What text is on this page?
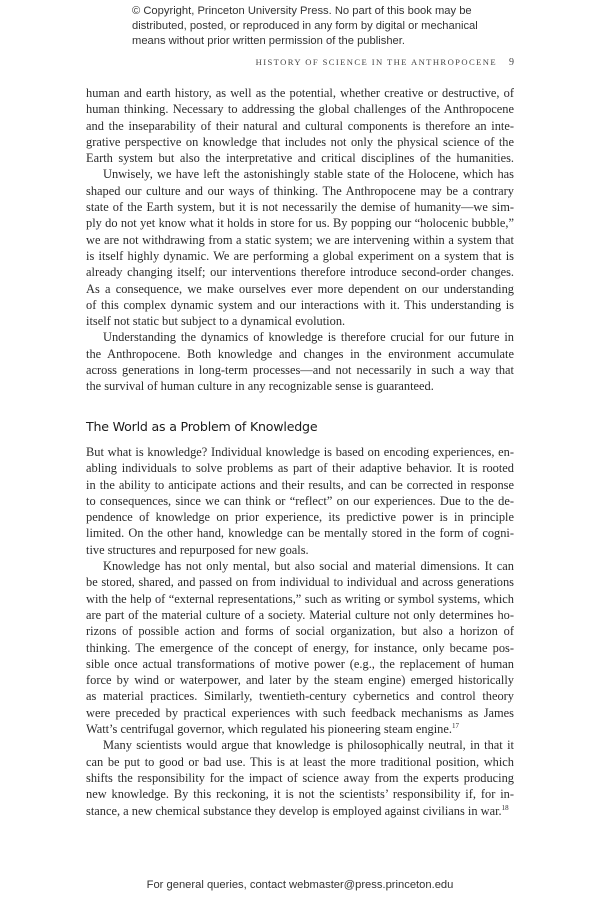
© Copyright, Princeton University Press. No part of this book may be
distributed, posted, or reproduced in any form by digital or mechanical
means without prior written permission of the publisher.
HISTORY OF SCIENCE IN THE ANTHROPOCENE 9
human and earth history, as well as the potential, whether creative or destructive, of
human thinking. Necessary to addressing the global challenges of the Anthropocene
and the inseparability of their natural and cultural components is therefore an inte-
grative perspective on knowledge that includes not only the physical science of the
Earth system but also the interpretative and critical disciplines of the humanities.
Unwisely, we have left the astonishingly stable state of the Holocene, which has
shaped our culture and our ways of thinking. The Anthropocene may be a contrary
state of the Earth system, but it is not necessarily the demise of humanity—we sim-
ply do not yet know what it holds in store for us. By popping our “holocenic bubble,”
we are not withdrawing from a static system; we are intervening within a system that
is itself highly dynamic. We are performing a global experiment on a system that is
already changing itself; our interventions therefore introduce second-order changes.
As a consequence, we make ourselves ever more dependent on our understanding
of this complex dynamic system and our interactions with it. This understanding is
itself not static but subject to a dynamical evolution.
Understanding the dynamics of knowledge is therefore crucial for our future in
the Anthropocene. Both knowledge and changes in the environment accumulate
across generations in long-term processes—and not necessarily in such a way that
the survival of human culture in any recognizable sense is guaranteed.
The World as a Problem of Knowledge
But what is knowledge? Individual knowledge is based on encoding experiences, en-
abling individuals to solve problems as part of their adaptive behavior. It is rooted
in the ability to anticipate actions and their results, and can be corrected in response
to consequences, since we can think or “reflect” on our experiences. Due to the de-
pendence of knowledge on prior experience, its predictive power is in principle
limited. On the other hand, knowledge can be mentally stored in the form of cogni-
tive structures and repurposed for new goals.
Knowledge has not only mental, but also social and material dimensions. It can
be stored, shared, and passed on from individual to individual and across generations
with the help of “external representations,” such as writing or symbol systems, which
are part of the material culture of a society. Material culture not only determines ho-
rizons of possible action and forms of social organization, but also a horizon of
thinking. The emergence of the concept of energy, for instance, only became pos-
sible once actual transformations of motive power (e.g., the replacement of human
force by wind or waterpower, and later by the steam engine) emerged historically
as material practices. Similarly, twentieth-century cybernetics and control theory
were preceded by practical experiences with such feedback mechanisms as James
Watt’s centrifugal governor, which regulated his pioneering steam engine.$^{17}$
Many scientists would argue that knowledge is philosophically neutral, in that it
can be put to good or bad use. This is at least the more traditional position, which
shifts the responsibility for the impact of science away from the experts producing
new knowledge. By this reckoning, it is not the scientists’ responsibility if, for in-
stance, a new chemical substance they develop is employed against civilians in war.$^{18}$
For general queries, contact webmaster@press.princeton.edu
